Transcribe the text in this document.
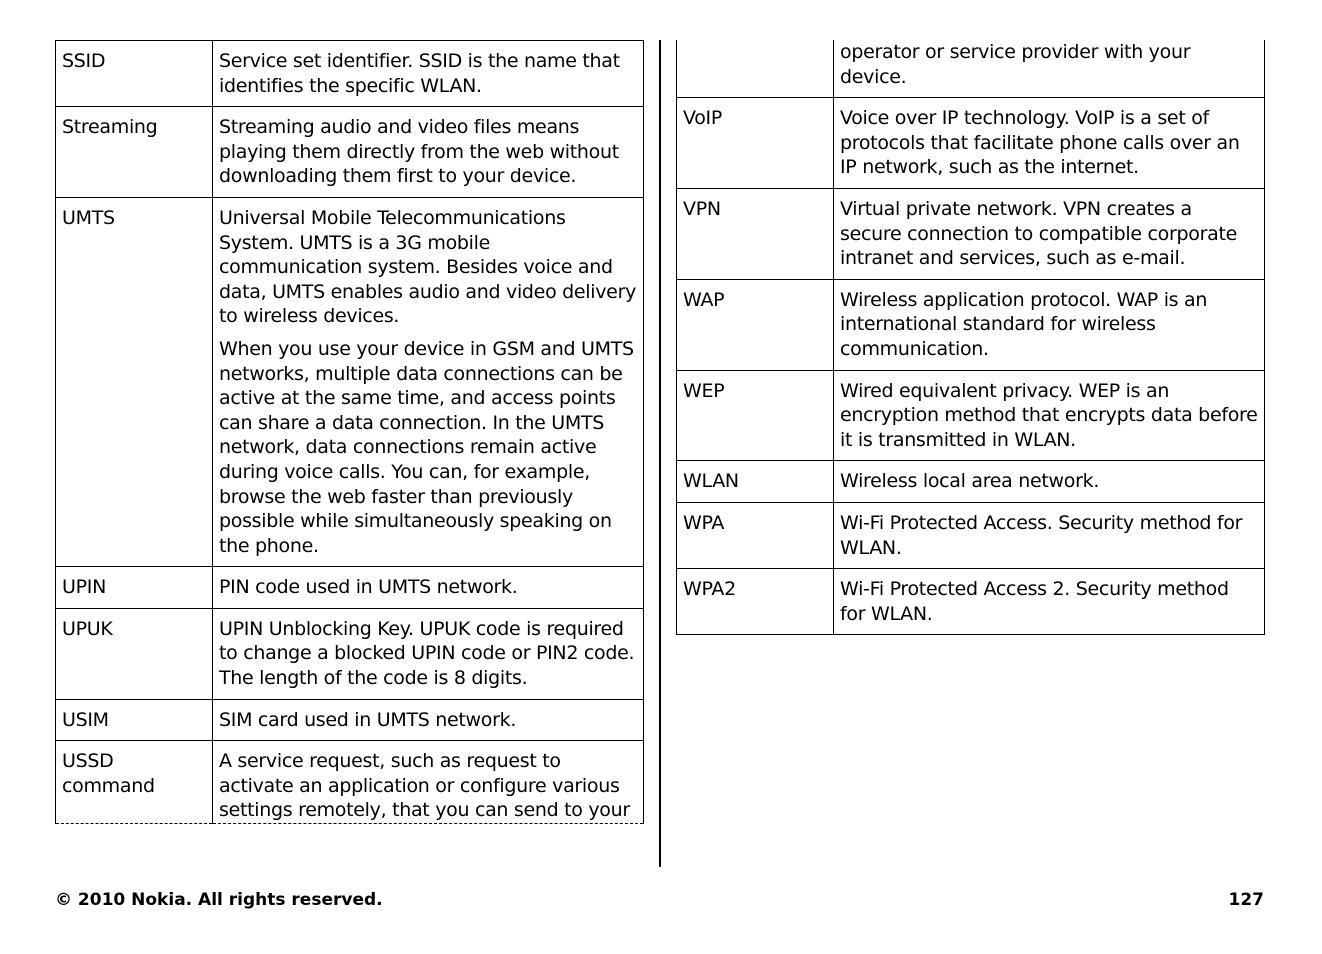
SSID	Service set identifier. SSID is the name that identifies the specific WLAN.

Streaming	Streaming audio and video files means playing them directly from the web without downloading them first to your device.

UMTS	Universal Mobile Telecommunications System. UMTS is a 3G mobile communication system. Besides voice and data, UMTS enables audio and video delivery to wireless devices.
When you use your device in GSM and UMTS networks, multiple data connections can be active at the same time, and access points can share a data connection. In the UMTS network, data connections remain active during voice calls. You can, for example, browse the web faster than previously possible while simultaneously speaking on the phone.

UPIN	PIN code used in UMTS network.

UPUK	UPIN Unblocking Key. UPUK code is required to change a blocked UPIN code or PIN2 code. The length of the code is 8 digits.

USIM	SIM card used in UMTS network.

USSD command	A service request, such as request to activate an application or configure various settings remotely, that you can send to your

	operator or service provider with your device.

VoIP	Voice over IP technology. VoIP is a set of protocols that facilitate phone calls over an IP network, such as the internet.

VPN	Virtual private network. VPN creates a secure connection to compatible corporate intranet and services, such as e-mail.

WAP	Wireless application protocol. WAP is an international standard for wireless communication.

WEP	Wired equivalent privacy. WEP is an encryption method that encrypts data before it is transmitted in WLAN.

WLAN	Wireless local area network.

WPA	Wi-Fi Protected Access. Security method for WLAN.

WPA2	Wi-Fi Protected Access 2. Security method for WLAN.
© 2010 Nokia. All rights reserved.	127
